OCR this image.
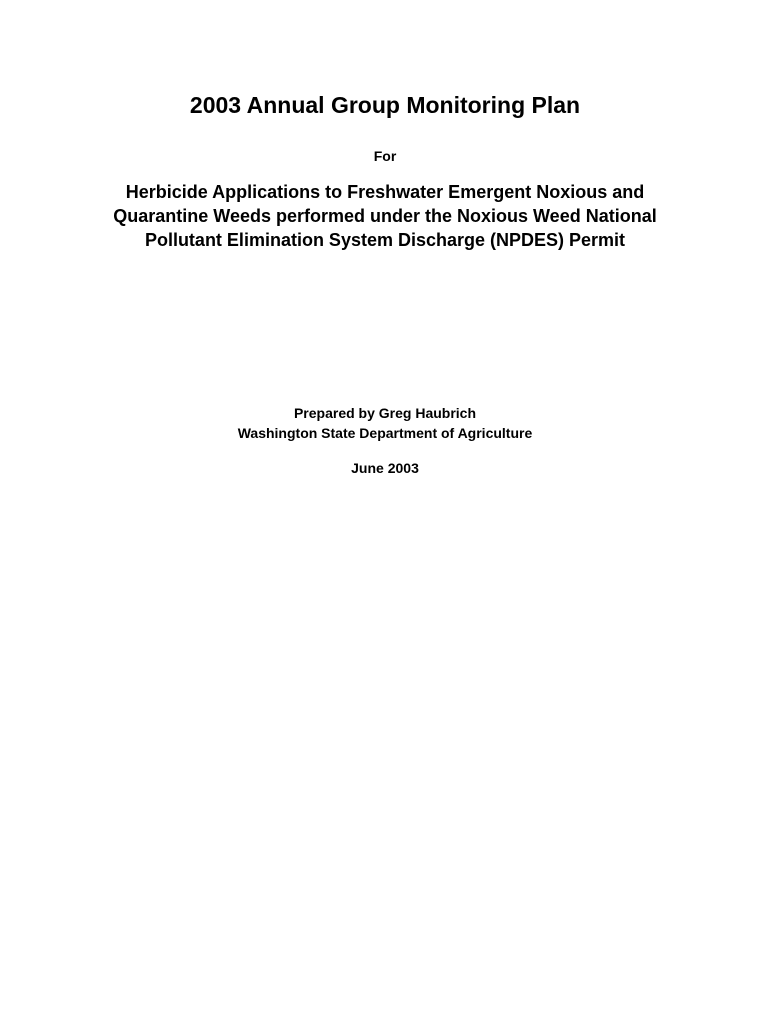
2003 Annual Group Monitoring Plan
For
Herbicide Applications to Freshwater Emergent Noxious and
Quarantine Weeds performed under the Noxious Weed National
Pollutant Elimination System Discharge (NPDES) Permit
Prepared by Greg Haubrich
Washington State Department of Agriculture
June 2003
